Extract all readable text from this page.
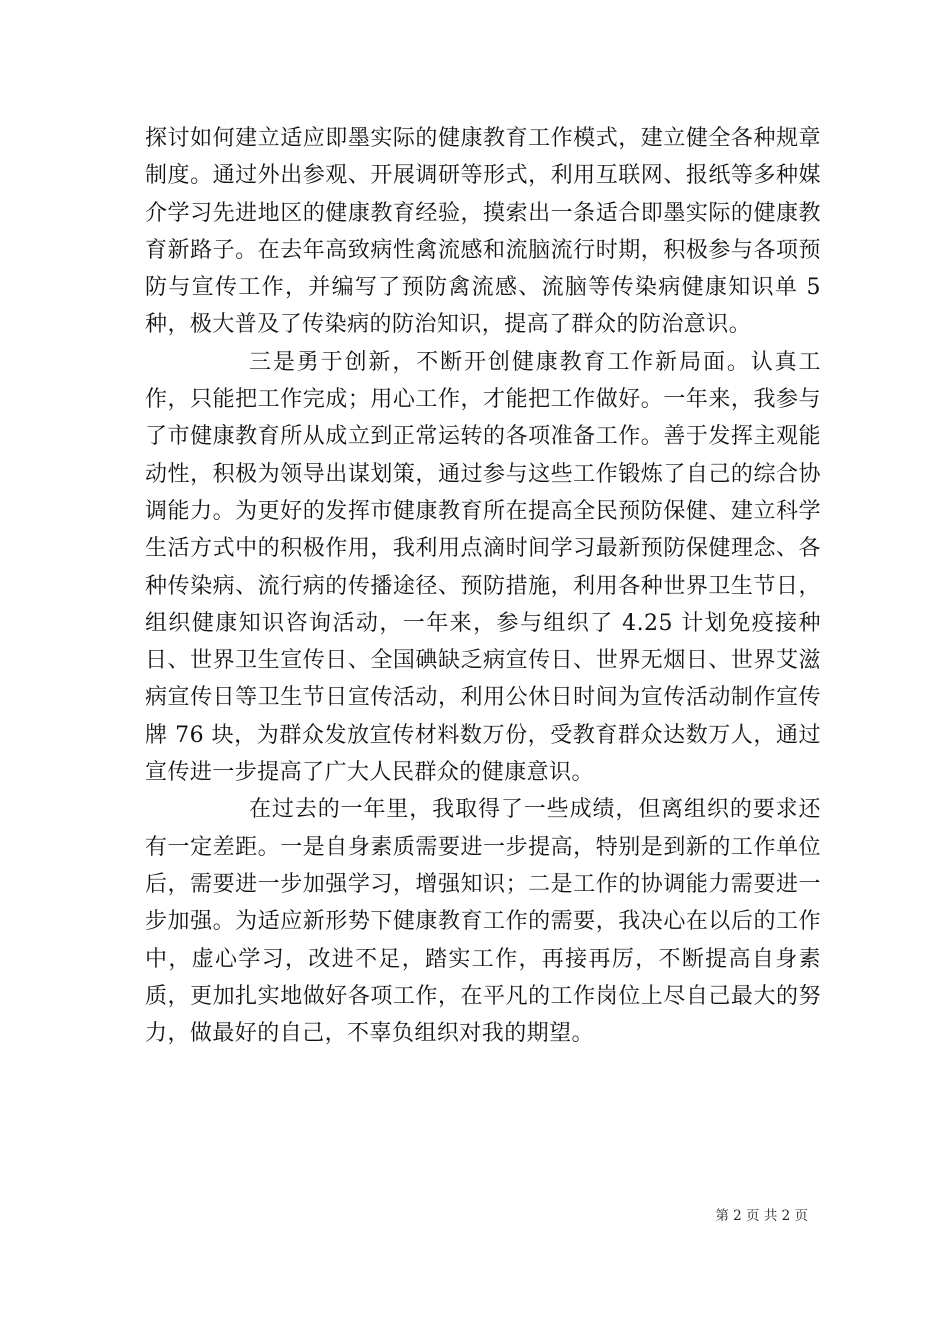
探讨如何建立适应即墨实际的健康教育工作模式，建立健全各种规章制度。通过外出参观、开展调研等形式，利用互联网、报纸等多种媒介学习先进地区的健康教育经验，摸索出一条适合即墨实际的健康教育新路子。在去年高致病性禽流感和流脑流行时期，积极参与各项预防与宣传工作，并编写了预防禽流感、流脑等传染病健康知识单 5 种，极大普及了传染病的防治知识，提高了群众的防治意识。

三是勇于创新，不断开创健康教育工作新局面。认真工作，只能把工作完成；用心工作，才能把工作做好。一年来，我参与了市健康教育所从成立到正常运转的各项准备工作。善于发挥主观能动性，积极为领导出谋划策，通过参与这些工作锻炼了自己的综合协调能力。为更好的发挥市健康教育所在提高全民预防保健、建立科学生活方式中的积极作用，我利用点滴时间学习最新预防保健理念、各种传染病、流行病的传播途径、预防措施，利用各种世界卫生节日，组织健康知识咨询活动，一年来，参与组织了 4.25 计划免疫接种日、世界卫生宣传日、全国碘缺乏病宣传日、世界无烟日、世界艾滋病宣传日等卫生节日宣传活动，利用公休日时间为宣传活动制作宣传牌 76 块，为群众发放宣传材料数万份，受教育群众达数万人，通过宣传进一步提高了广大人民群众的健康意识。

在过去的一年里，我取得了一些成绩，但离组织的要求还有一定差距。一是自身素质需要进一步提高，特别是到新的工作单位后，需要进一步加强学习，增强知识；二是工作的协调能力需要进一步加强。为适应新形势下健康教育工作的需要，我决心在以后的工作中，虚心学习，改进不足，踏实工作，再接再厉，不断提高自身素质，更加扎实地做好各项工作，在平凡的工作岗位上尽自己最大的努力，做最好的自己，不辜负组织对我的期望。

第 2 页 共 2 页
